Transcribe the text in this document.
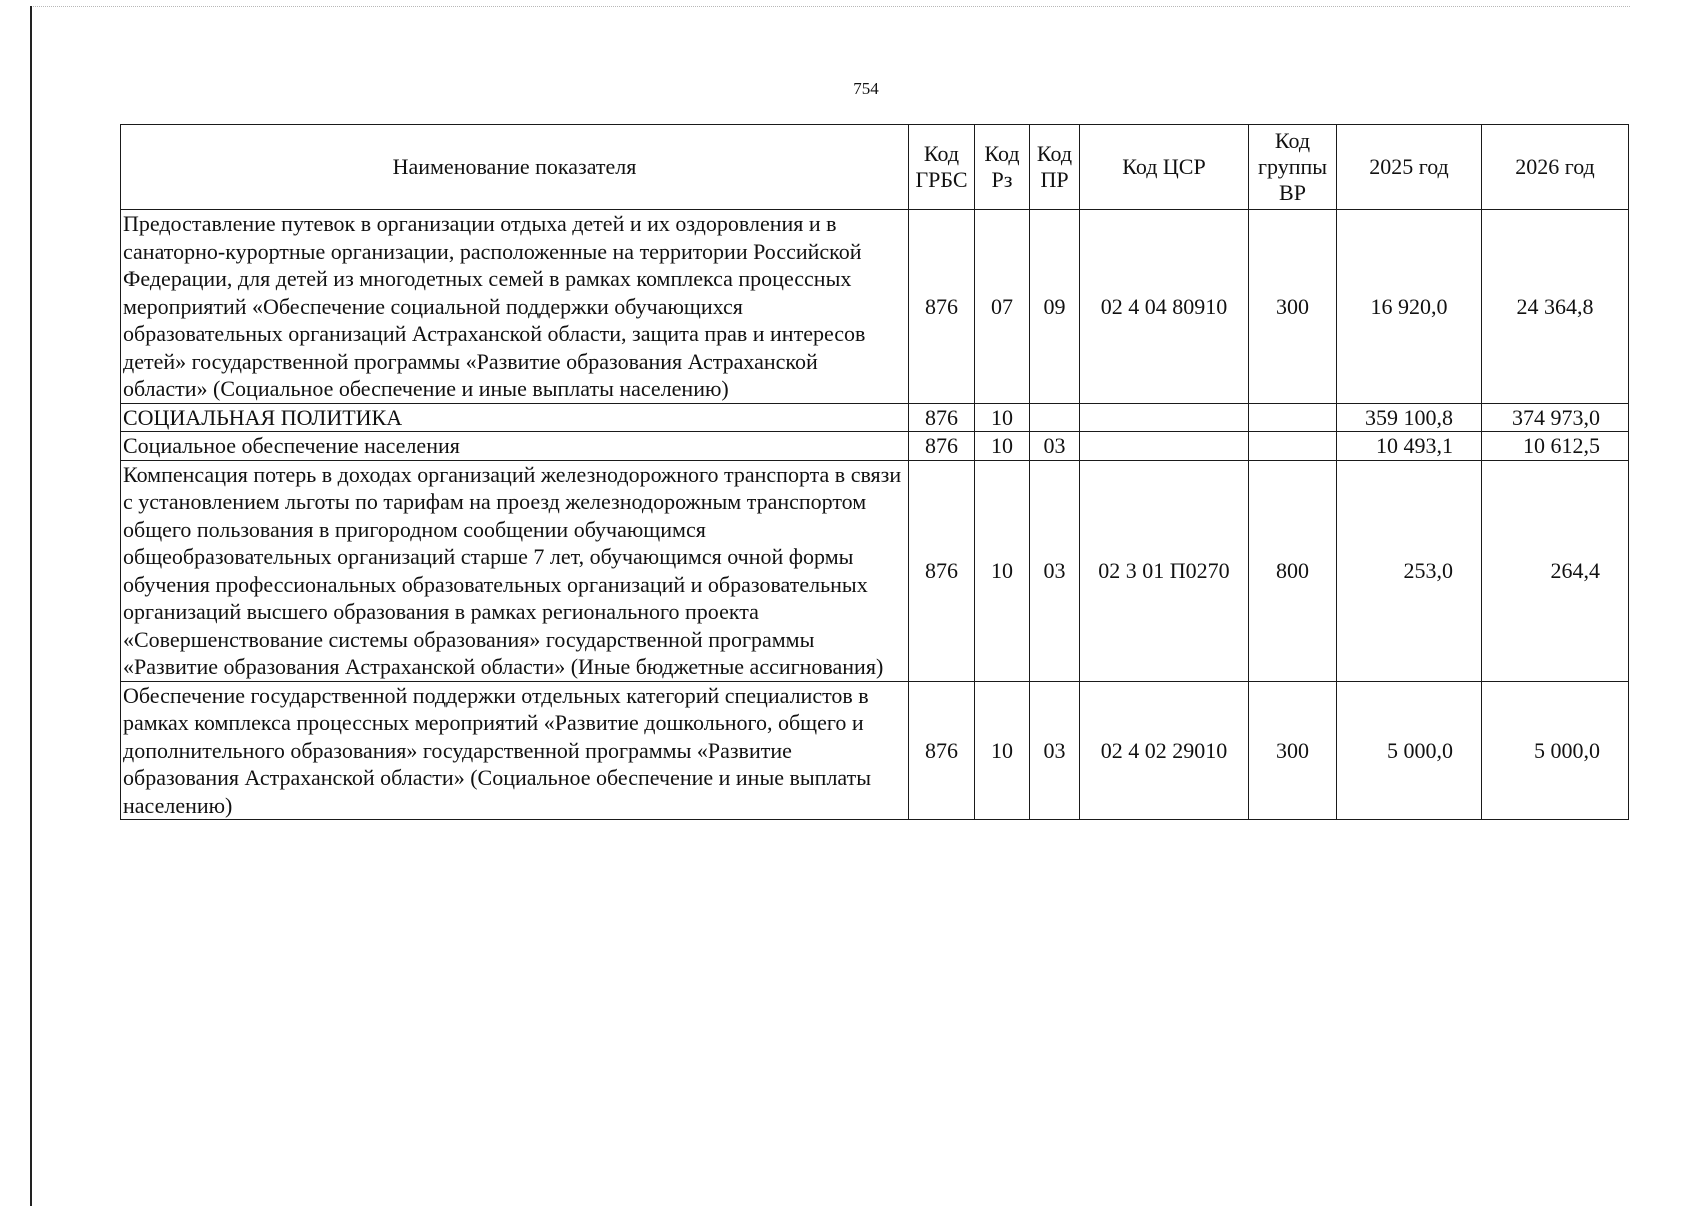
754
Наименование показателя	Код ГРБС	Код Рз	Код ПР	Код ЦСР	Код группы ВР	2025 год	2026 год
Предоставление путевок в организации отдыха детей и их оздоровления и в санаторно-курортные организации, расположенные на территории Российской Федерации, для детей из многодетных семей в рамках комплекса процессных мероприятий «Обеспечение социальной поддержки обучающихся образовательных организаций Астраханской области, защита прав и интересов детей» государственной программы «Развитие образования Астраханской области» (Социальное обеспечение и иные выплаты населению)	876	07	09	02 4 04 80910	300	16 920,0	24 364,8
СОЦИАЛЬНАЯ ПОЛИТИКА	876	10				359 100,8	374 973,0
Социальное обеспечение населения	876	10	03			10 493,1	10 612,5
Компенсация потерь в доходах организаций железнодорожного транспорта в связи с установлением льготы по тарифам на проезд железнодорожным транспортом общего пользования в пригородном сообщении обучающимся общеобразовательных организаций старше 7 лет, обучающимся очной формы обучения профессиональных образовательных организаций и образовательных организаций высшего образования в рамках регионального проекта «Совершенствование системы образования» государственной программы «Развитие образования Астраханской области» (Иные бюджетные ассигнования)	876	10	03	02 3 01 П0270	800	253,0	264,4
Обеспечение государственной поддержки отдельных категорий специалистов в рамках комплекса процессных мероприятий «Развитие дошкольного, общего и дополнительного образования» государственной программы «Развитие образования Астраханской области» (Социальное обеспечение и иные выплаты населению)	876	10	03	02 4 02 29010	300	5 000,0	5 000,0
